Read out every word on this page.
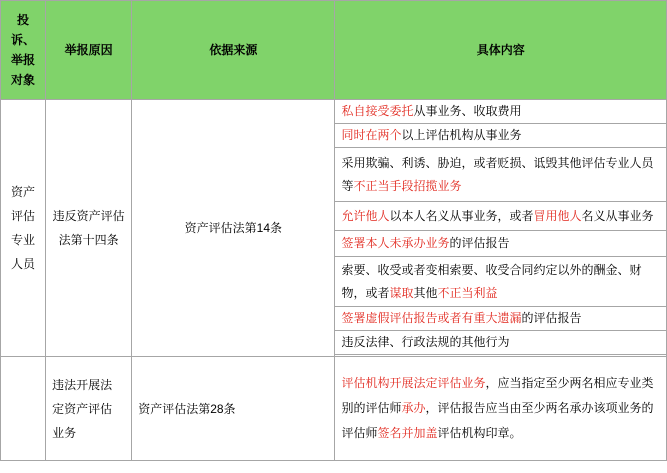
投诉、举报对象	举报原因	依据来源	具体内容

资产评估专业人员	违反资产评估法第十四条	资产评估法第14条	私自接受委托从事业务、收取费用
			同时在两个以上评估机构从事业务
			采用欺骗、利诱、胁迫，或者贬损、诋毁其他评估专业人员等不正当手段招揽业务
			允许他人以本人名义从事业务，或者冒用他人名义从事业务
			签署本人未承办业务的评估报告
			索要、收受或者变相索要、收受合同约定以外的酬金、财物，或者谋取其他不正当利益
			签署虚假评估报告或者有重大遗漏的评估报告
			违反法律、行政法规的其他行为

	违法开展法定资产评估业务	资产评估法第28条	评估机构开展法定评估业务，应当指定至少两名相应专业类别的评估师承办，评估报告应当由至少两名承办该项业务的评估师签名并加盖评估机构印章。
